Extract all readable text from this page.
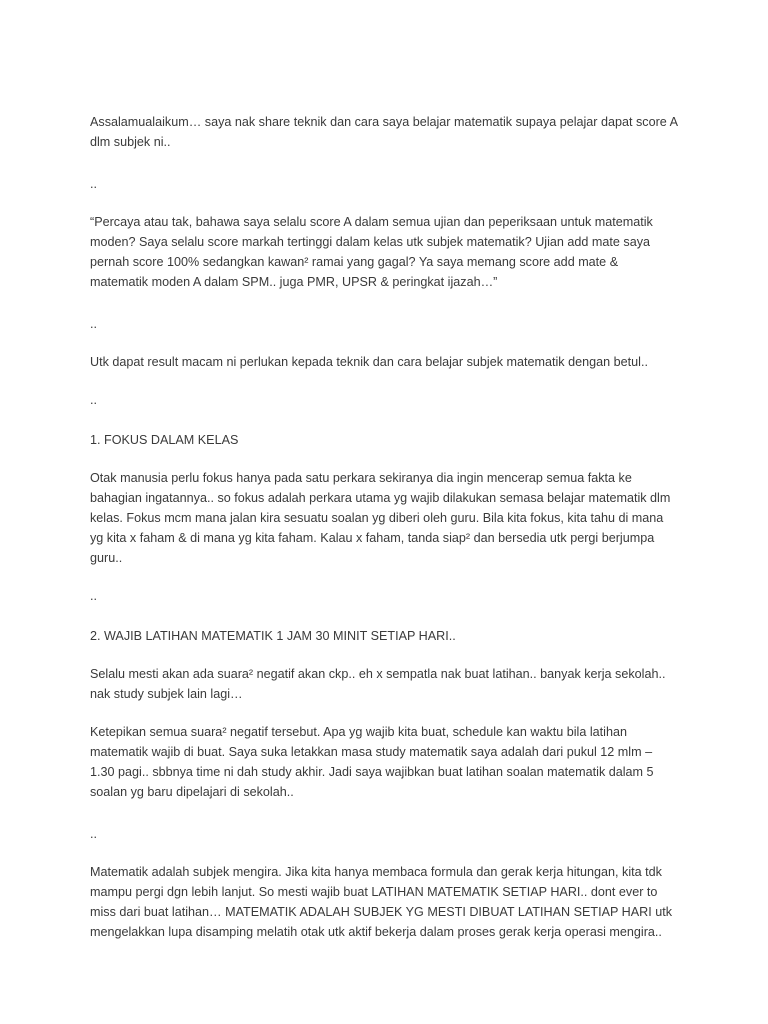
Assalamualaikum… saya nak share teknik dan cara saya belajar matematik supaya pelajar dapat score A
dlm subjek ni..

..

“Percaya atau tak, bahawa saya selalu score A dalam semua ujian dan peperiksaan untuk matematik
moden? Saya selalu score markah tertinggi dalam kelas utk subjek matematik? Ujian add mate saya
pernah score 100% sedangkan kawan² ramai yang gagal? Ya saya memang score add mate &
matematik moden A dalam SPM.. juga PMR, UPSR & peringkat ijazah…”

..

Utk dapat result macam ni perlukan kepada teknik dan cara belajar subjek matematik dengan betul..

..

1. FOKUS DALAM KELAS

Otak manusia perlu fokus hanya pada satu perkara sekiranya dia ingin mencerap semua fakta ke
bahagian ingatannya.. so fokus adalah perkara utama yg wajib dilakukan semasa belajar matematik dlm
kelas. Fokus mcm mana jalan kira sesuatu soalan yg diberi oleh guru. Bila kita fokus, kita tahu di mana
yg kita x faham & di mana yg kita faham. Kalau x faham, tanda siap² dan bersedia utk pergi berjumpa
guru..

..

2. WAJIB LATIHAN MATEMATIK 1 JAM 30 MINIT SETIAP HARI..

Selalu mesti akan ada suara² negatif akan ckp.. eh x sempatla nak buat latihan.. banyak kerja sekolah..
nak study subjek lain lagi…

Ketepikan semua suara² negatif tersebut. Apa yg wajib kita buat, schedule kan waktu bila latihan
matematik wajib di buat. Saya suka letakkan masa study matematik saya adalah dari pukul 12 mlm –
1.30 pagi.. sbbnya time ni dah study akhir. Jadi saya wajibkan buat latihan soalan matematik dalam 5
soalan yg baru dipelajari di sekolah..

..

Matematik adalah subjek mengira. Jika kita hanya membaca formula dan gerak kerja hitungan, kita tdk
mampu pergi dgn lebih lanjut. So mesti wajib buat LATIHAN MATEMATIK SETIAP HARI.. dont ever to
miss dari buat latihan… MATEMATIK ADALAH SUBJEK YG MESTI DIBUAT LATIHAN SETIAP HARI utk
mengelakkan lupa disamping melatih otak utk aktif bekerja dalam proses gerak kerja operasi mengira..
